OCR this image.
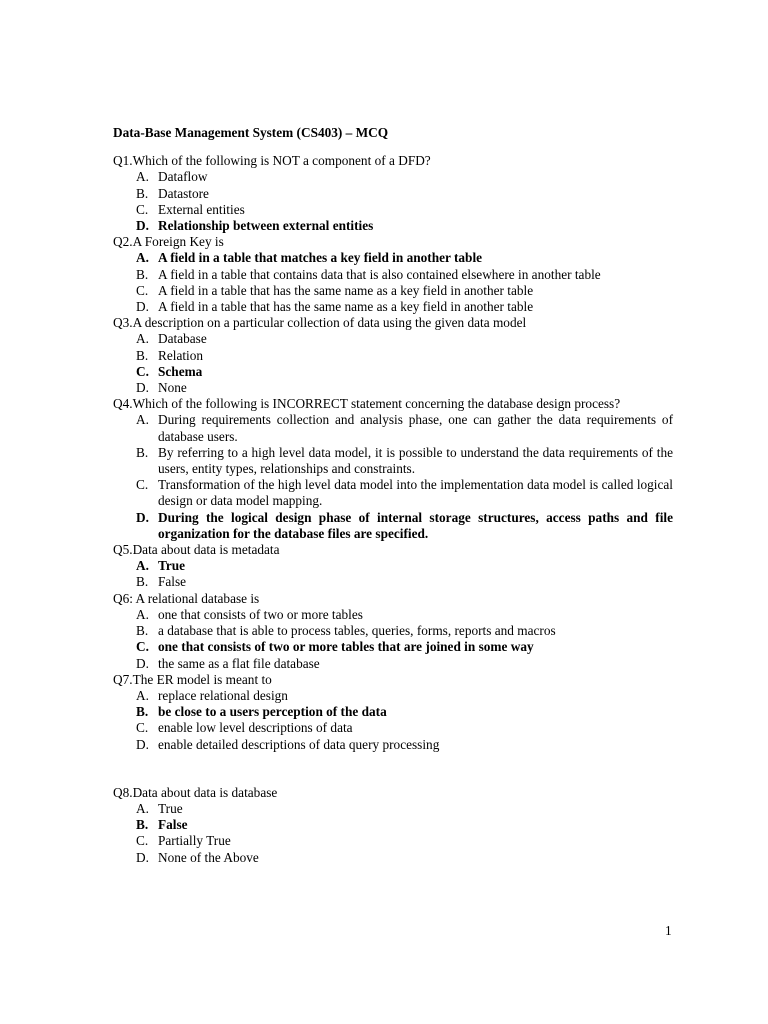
Data-Base Management System (CS403) – MCQ
Q1.Which of the following is NOT a component of a DFD?
A. Dataflow
B. Datastore
C. External entities
D. Relationship between external entities
Q2.A Foreign Key is
A. A field in a table that matches a key field in another table
B. A field in a table that contains data that is also contained elsewhere in another table
C. A field in a table that has the same name as a key field in another table
D. A field in a table that has the same name as a key field in another table
Q3.A description on a particular collection of data using the given data model
A. Database
B. Relation
C. Schema
D. None
Q4.Which of the following is INCORRECT statement concerning the database design process?
A. During requirements collection and analysis phase, one can gather the data requirements of database users.
B. By referring to a high level data model, it is possible to understand the data requirements of the users, entity types, relationships and constraints.
C. Transformation of the high level data model into the implementation data model is called logical design or data model mapping.
D. During the logical design phase of internal storage structures, access paths and file organization for the database files are specified.
Q5.Data about data is metadata
A. True
B. False
Q6: A relational database is
A. one that consists of two or more tables
B. a database that is able to process tables, queries, forms, reports and macros
C. one that consists of two or more tables that are joined in some way
D. the same as a flat file database
Q7.The ER model is meant to
A. replace relational design
B. be close to a users perception of the data
C. enable low level descriptions of data
D. enable detailed descriptions of data query processing
Q8.Data about data is database
A. True
B. False
C. Partially True
D. None of the Above
1
